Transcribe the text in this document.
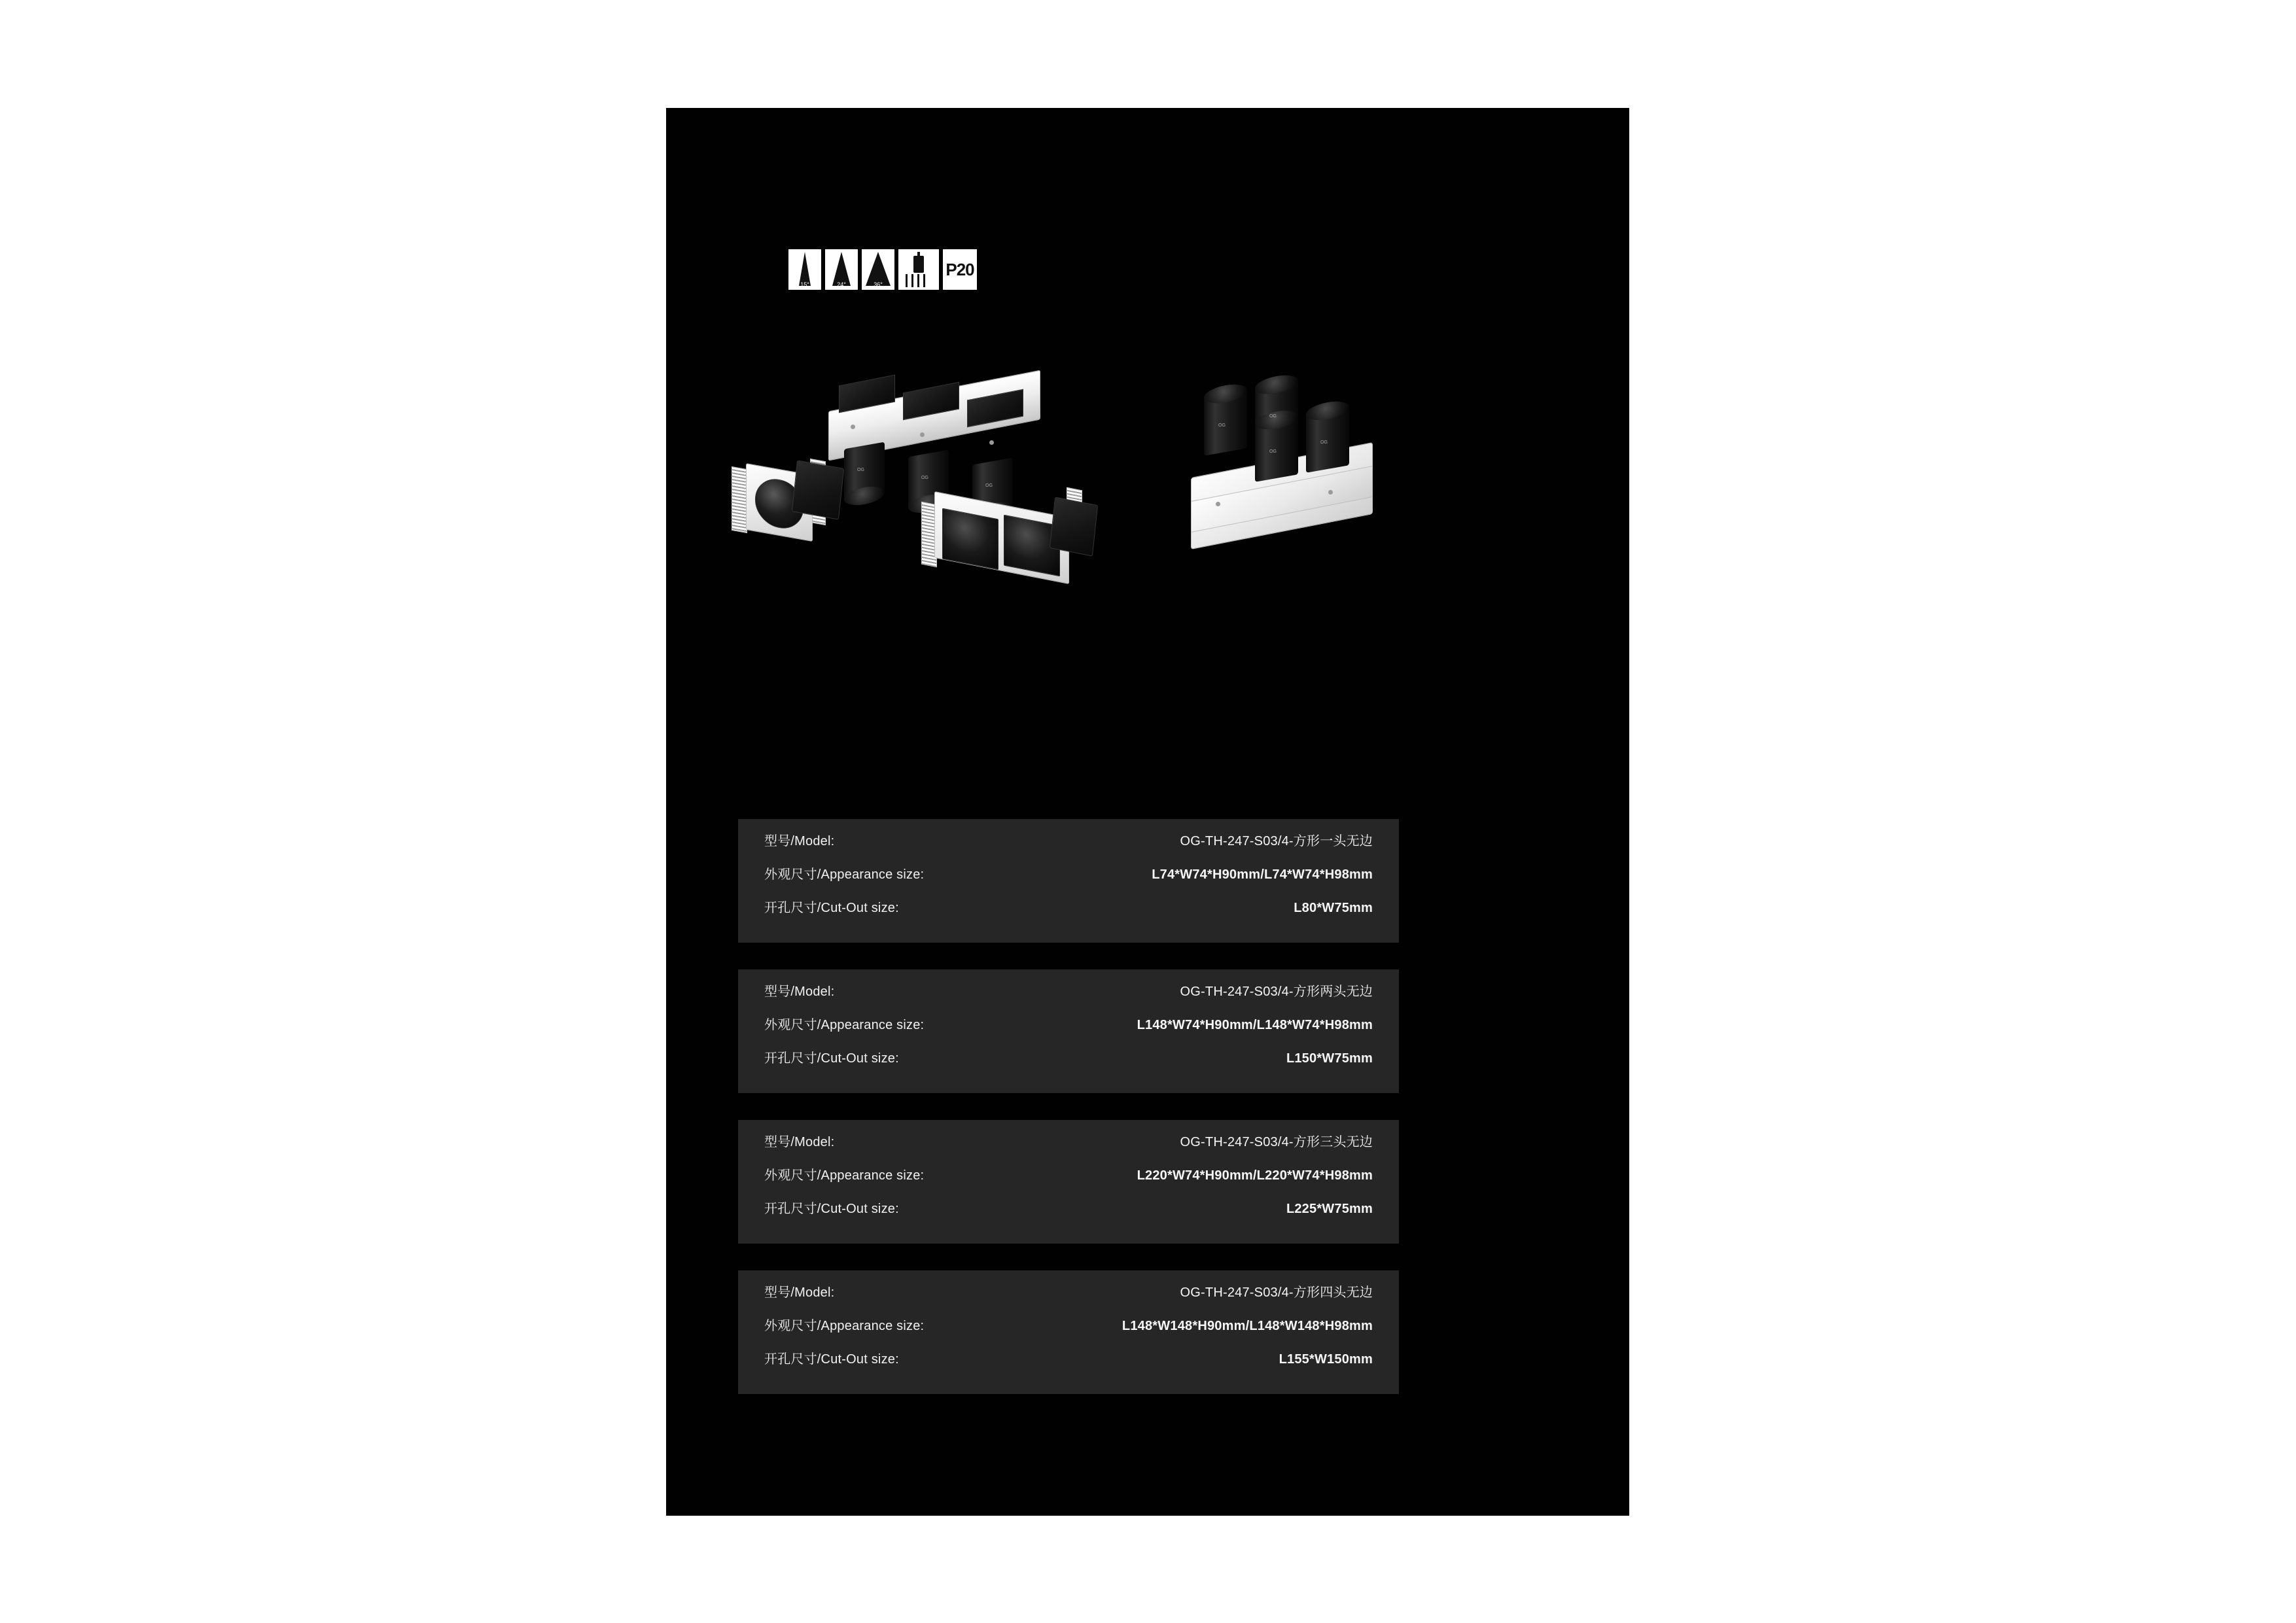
15°	24°	36°
P20
OG
OG
OG
OG
OG
OG
OG
型号/Model:	OG-TH-247-S03/4-方形一头无边
外观尺寸/Appearance size:	L74*W74*H90mm/L74*W74*H98mm
开孔尺寸/Cut-Out size:	L80*W75mm
型号/Model:	OG-TH-247-S03/4-方形两头无边
外观尺寸/Appearance size:	L148*W74*H90mm/L148*W74*H98mm
开孔尺寸/Cut-Out size:	L150*W75mm
型号/Model:	OG-TH-247-S03/4-方形三头无边
外观尺寸/Appearance size:	L220*W74*H90mm/L220*W74*H98mm
开孔尺寸/Cut-Out size:	L225*W75mm
型号/Model:	OG-TH-247-S03/4-方形四头无边
外观尺寸/Appearance size:	L148*W148*H90mm/L148*W148*H98mm
开孔尺寸/Cut-Out size:	L155*W150mm
